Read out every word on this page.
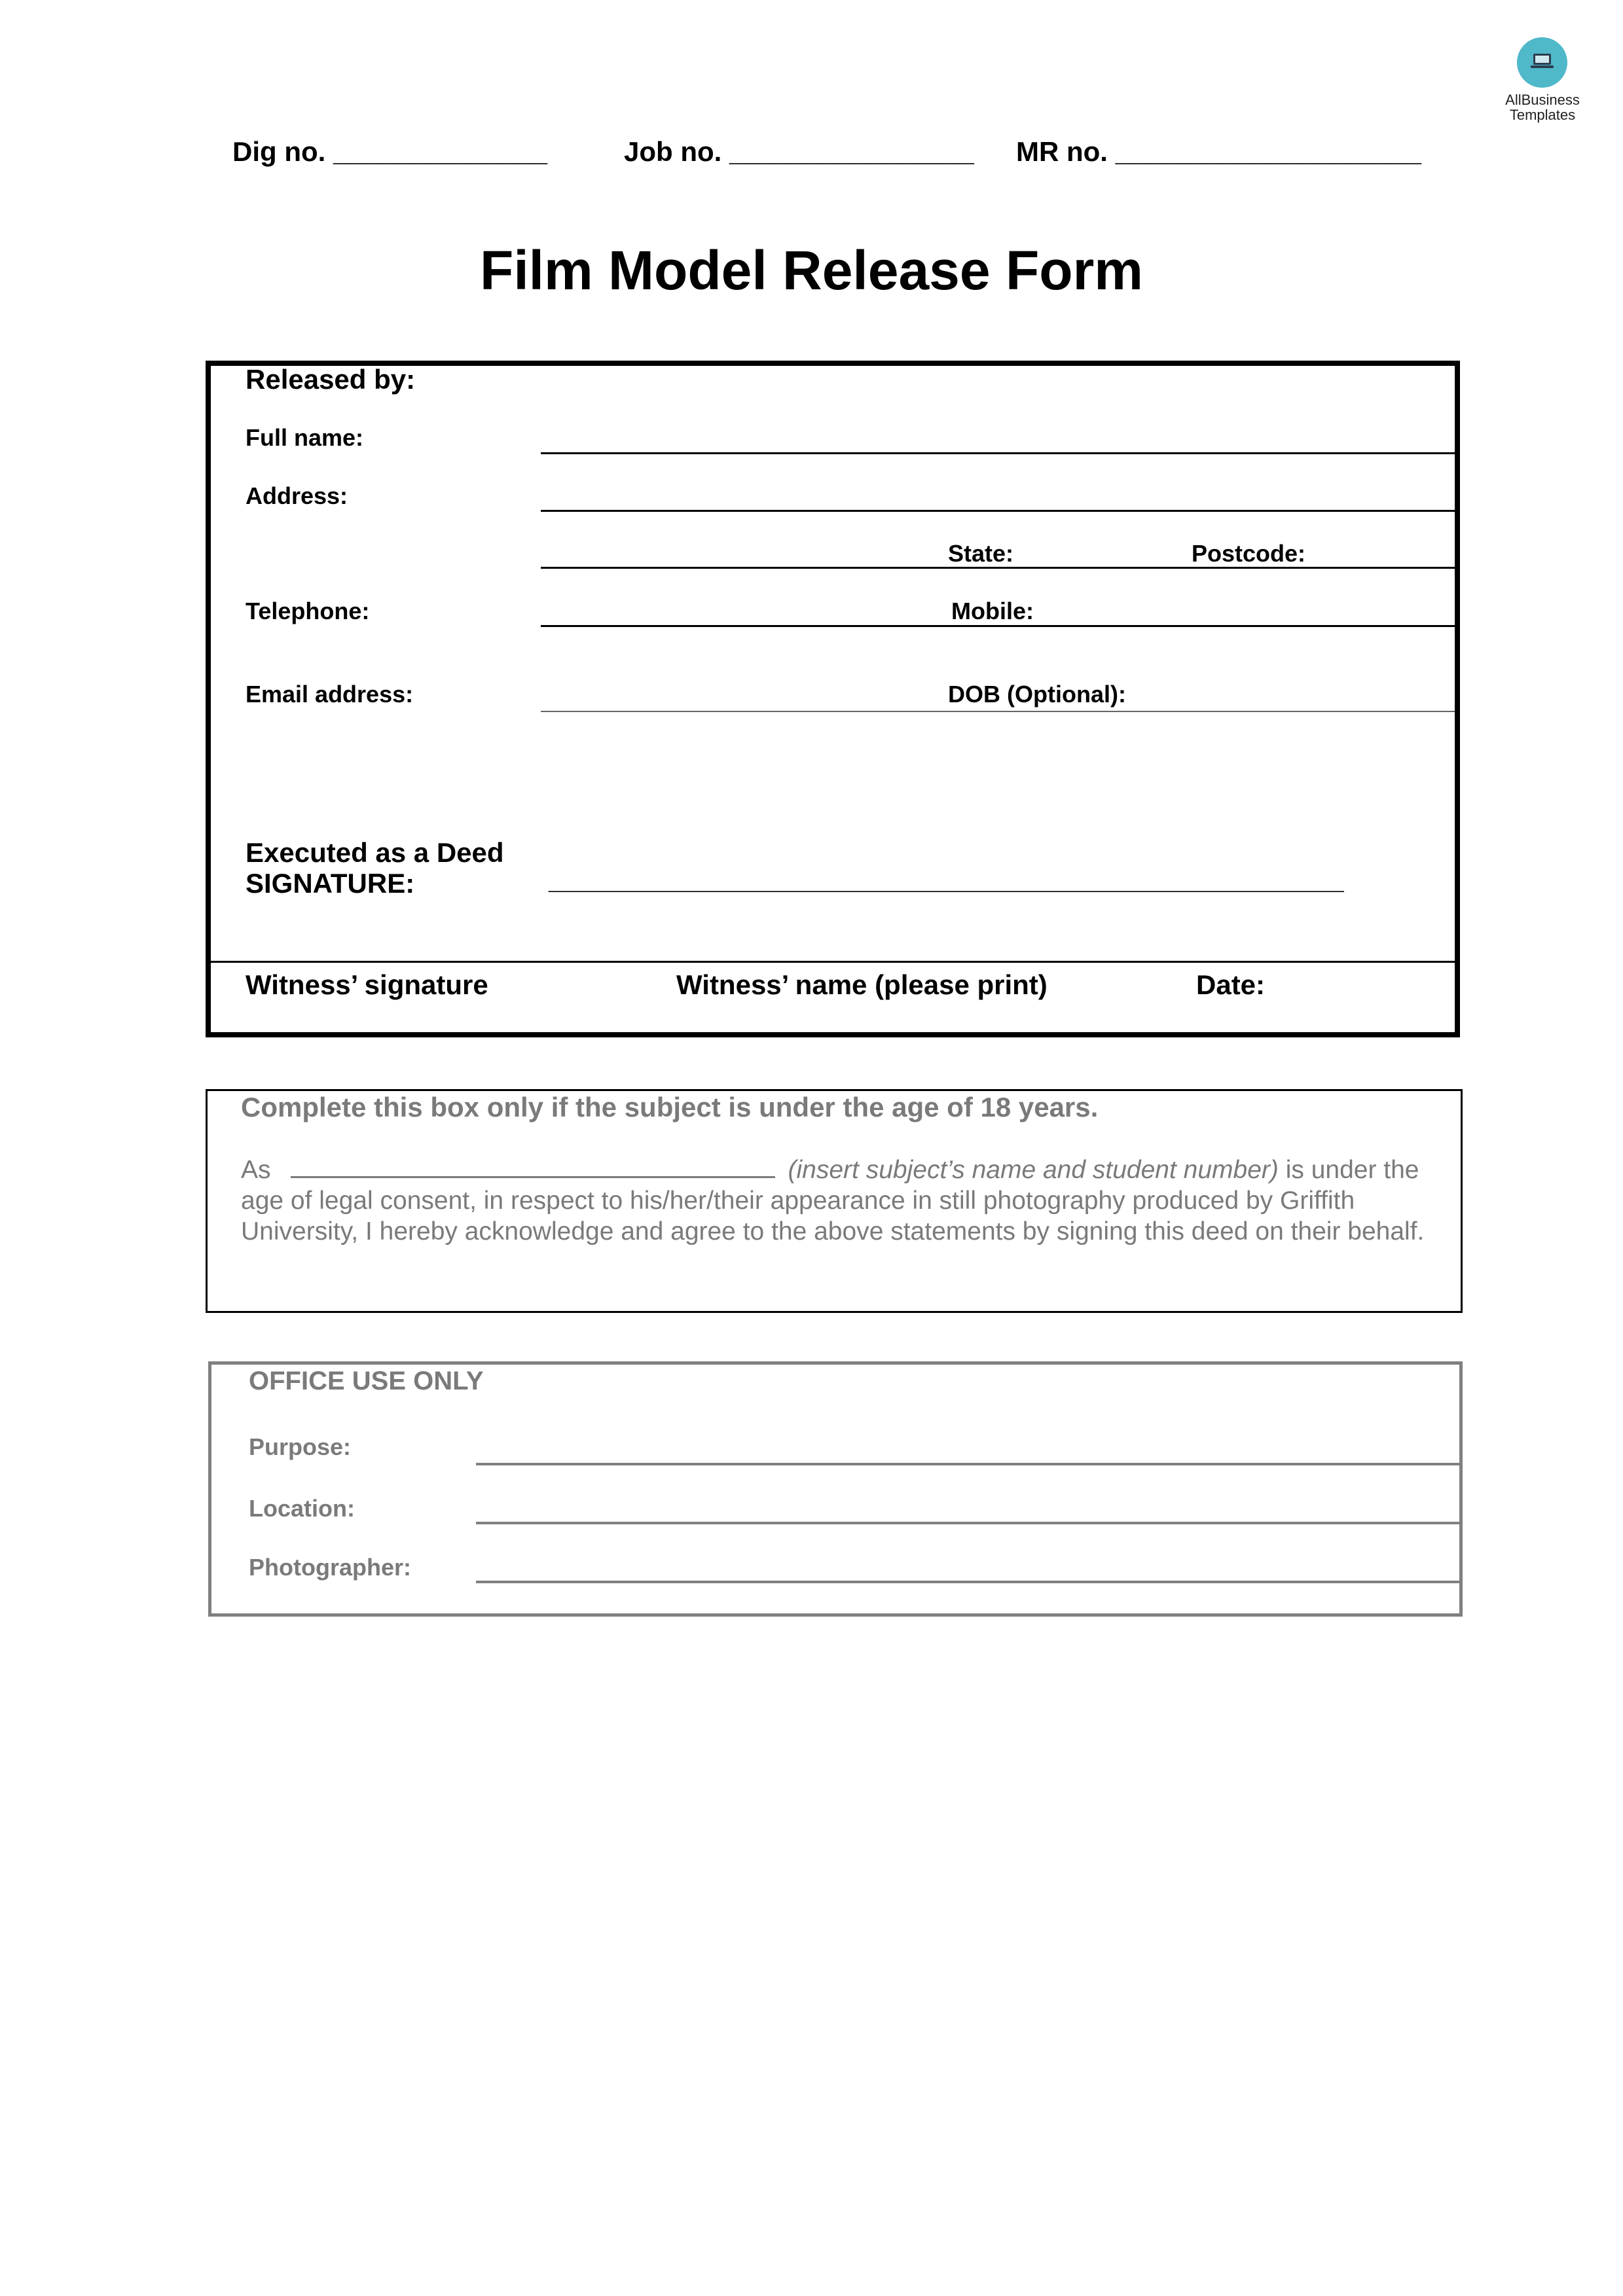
AllBusiness
Templates
Dig no. ______________	Job no. ________________ MR no. ____________________
Film Model Release Form
Released by:
Full name:
Address:
State:	Postcode:
Telephone:	Mobile:
Email address:	DOB (Optional):
Executed as a Deed
SIGNATURE:	____________________________________________________
Witness’ signature	Witness’ name (please print)	Date:
Complete this box only if the subject is under the age of 18 years.
As	(insert subject’s name and student number) is under the age of legal consent, in respect to his/her/their appearance in still photography produced by Griffith University, I hereby acknowledge and agree to the above statements by signing this deed on their behalf.
OFFICE USE ONLY
Purpose:
Location:
Photographer:
